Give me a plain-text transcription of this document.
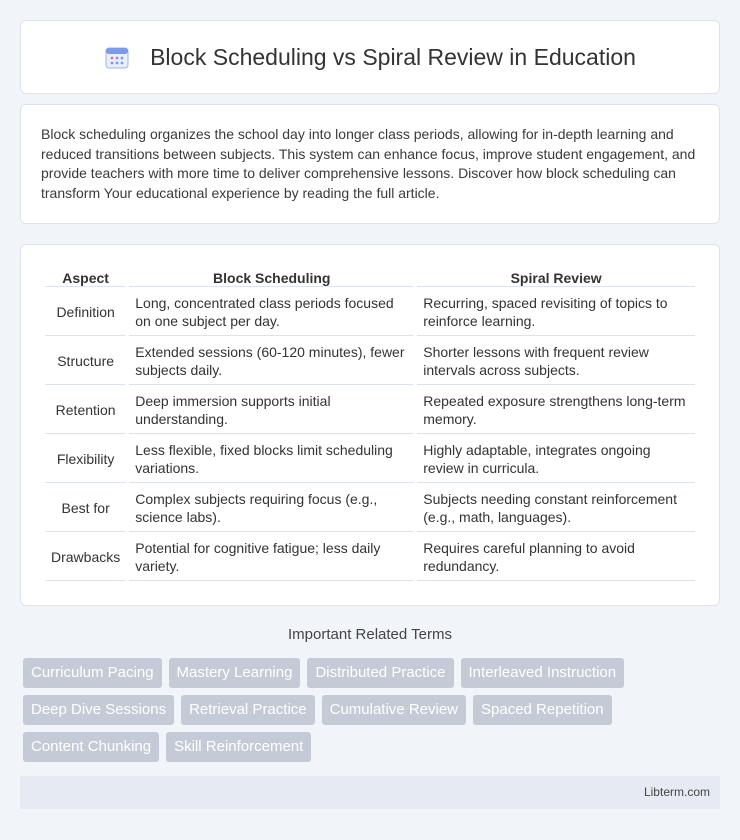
Block Scheduling vs Spiral Review in Education

Block scheduling organizes the school day into longer class periods, allowing for in-depth learning and reduced transitions between subjects. This system can enhance focus, improve student engagement, and provide teachers with more time to deliver comprehensive lessons. Discover how block scheduling can transform Your educational experience by reading the full article.

Aspect	Block Scheduling	Spiral Review
Definition	Long, concentrated class periods focused on one subject per day.	Recurring, spaced revisiting of topics to reinforce learning.
Structure	Extended sessions (60-120 minutes), fewer subjects daily.	Shorter lessons with frequent review intervals across subjects.
Retention	Deep immersion supports initial understanding.	Repeated exposure strengthens long-term memory.
Flexibility	Less flexible, fixed blocks limit scheduling variations.	Highly adaptable, integrates ongoing review in curricula.
Best for	Complex subjects requiring focus (e.g., science labs).	Subjects needing constant reinforcement (e.g., math, languages).
Drawbacks	Potential for cognitive fatigue; less daily variety.	Requires careful planning to avoid redundancy.
Important Related Terms
Curriculum Pacing	Mastery Learning	Distributed Practice	Interleaved Instruction
Deep Dive Sessions	Retrieval Practice	Cumulative Review	Spaced Repetition
Content Chunking	Skill Reinforcement
Libterm.com
